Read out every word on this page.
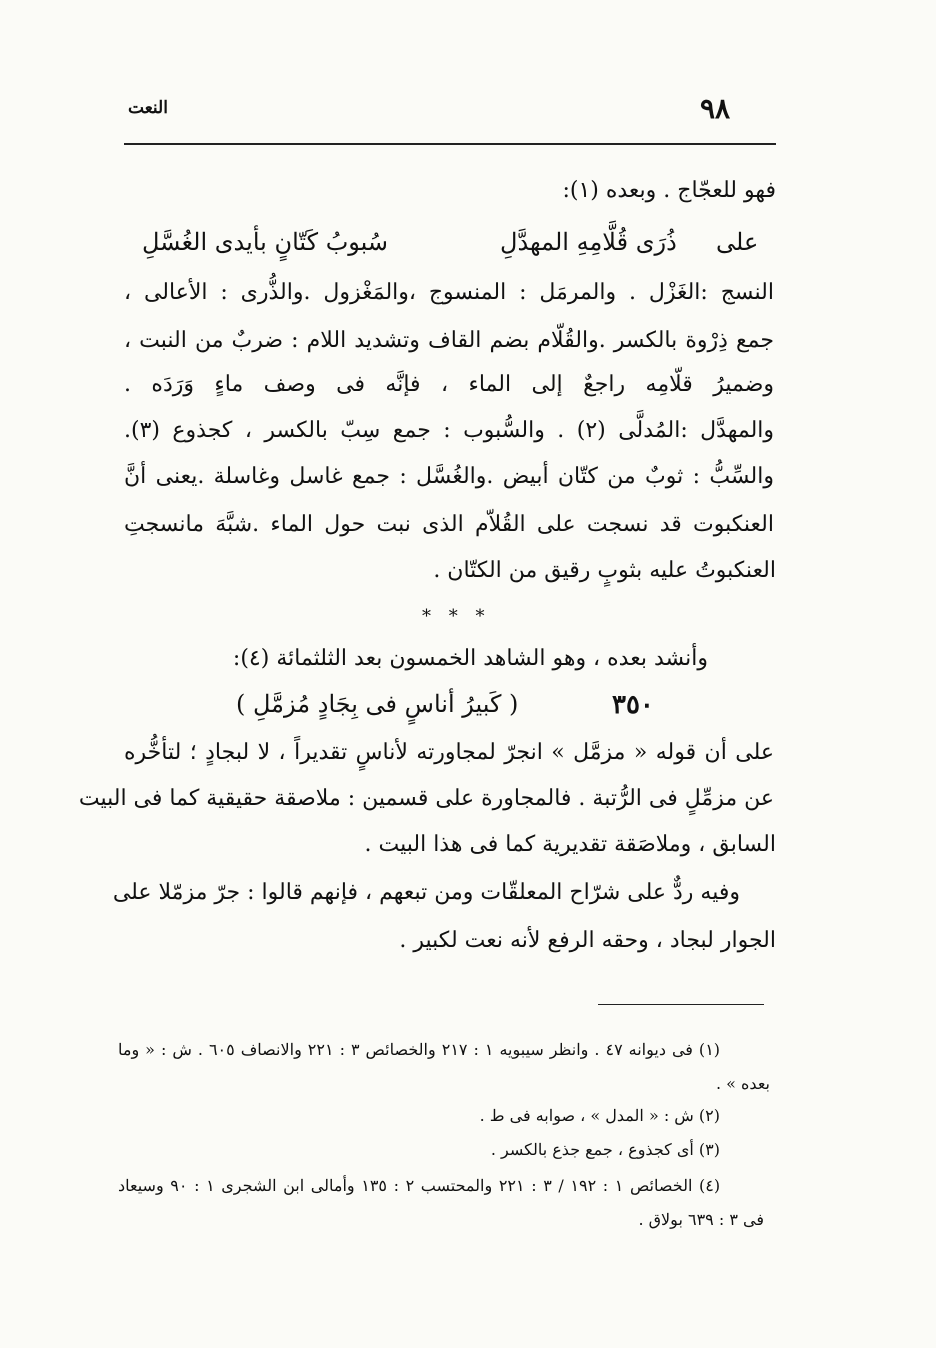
٩٨
النعت
فهو للعجّاج . وبعده (١):
على
ذُرَى قُلَّامِهِ المهدَّلِ
سُبوبُ كَتّانٍ بأيدى الغُسَّلِ
النسج :الغَزْل . والمرمَل : المنسوج ،والمَغْزول .والذُّرى : الأعالى ،
جمع ذِرْوة بالكسر .والقُلّام بضم القاف وتشديد اللام : ضربٌ من النبت ،
وضميرُ قلّامِه راجعٌ إلى الماء ، فإنَّه فى وصف ماءٍ وَرَدَه .
والمهدَّل :المُدلَّى (٢) . والسُّبوب : جمع سِبّ بالكسر ، كجذوع (٣).
والسِّبُّ : ثوبٌ من كتّان أبيض .والغُسَّل : جمع غاسل وغاسلة .يعنى أنَّ
العنكبوت قد نسجت على القُلاّم الذى نبت حول الماء .شبَّهَ مانسجتِ
العنكبوتُ عليه بثوبٍ رقيق من الكتّان .
* * *
وأنشد بعده ، وهو الشاهد الخمسون بعد الثلثمائة (٤):
٣٥٠
( كَبيرُ أناسٍ فى بِجَادٍ مُزمَّلِ )
على أن قوله « مزمَّل » انجرّ لمجاورته لأناسٍ تقديراً ، لا لبجادٍ ؛ لتأخُّره
عن مزمِّلٍ فى الرُّتبة . فالمجاورة على قسمين : ملاصقة حقيقية كما فى البيت
السابق ، وملاصَقة تقديرية كما فى هذا البيت .
وفيه ردٌّ على شرّاح المعلقّات ومن تبعهم ، فإنهم قالوا : جرّ مزمّلا على
الجوار لبجاد ، وحقه الرفع لأنه نعت لكبير .
(١) فى ديوانه ٤٧ . وانظر سيبويه ١ : ٢١٧ والخصائص ٣ : ٢٢١ والانصاف ٦٠٥ . ش : « وما
بعده » .
(٢) ش : « المدل » ، صوابه فى ط .
(٣) أى كجذوع ، جمع جذع بالكسر .
(٤) الخصائص ١ : ١٩٢ / ٣ : ٢٢١ والمحتسب ٢ : ١٣٥ وأمالى ابن الشجرى ١ : ٩٠ وسيعاد
فى ٣ : ٦٣٩ بولاق .
